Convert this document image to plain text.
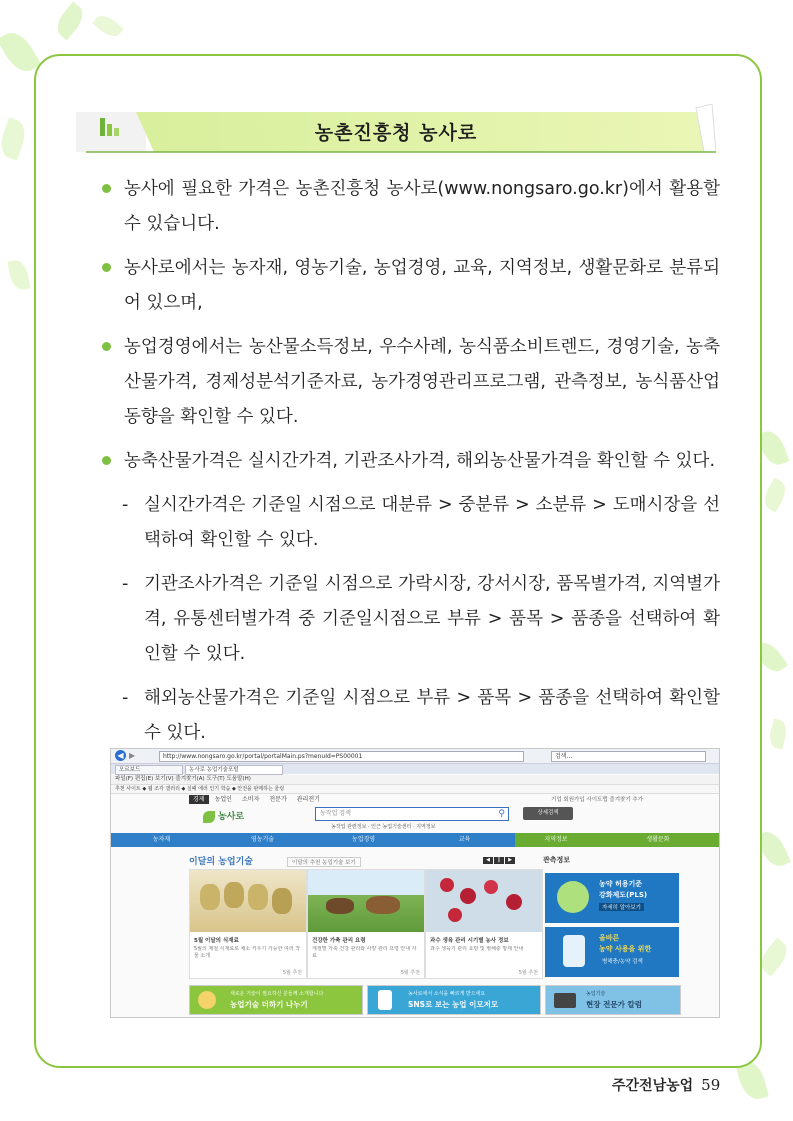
농촌진흥청 농사로
농사에 필요한 가격은 농촌진흥청 농사로(www.nongsaro.go.kr)에서 활용할 수 있습니다.
농사로에서는 농자재, 영농기술, 농업경영, 교육, 지역정보, 생활문화로 분류되어 있으며,
농업경영에서는 농산물소득정보, 우수사례, 농식품소비트렌드, 경영기술, 농축산물가격, 경제성분석기준자료, 농가경영관리프로그램, 관측정보, 농식품산업동향을 확인할 수 있다.
농축산물가격은 실시간가격, 기관조사가격, 해외농산물가격을 확인할 수 있다.
- 실시간가격은 기준일 시점으로 대분류 > 중분류 > 소분류 > 도매시장을 선택하여 확인할 수 있다.
- 기관조사가격은 기준일 시점으로 가락시장, 강서시장, 품목별가격, 지역별가격, 유통센터별가격 중 기준일시점으로 부류 > 품목 > 품종을 선택하여 확인할 수 있다.
- 해외농산물가격은 기준일 시점으로 부류 > 품목 > 품종을 선택하여 확인할 수 있다.
◀ ▶	http://www.nongsaro.go.kr/portal/portalMain.ps?menuId=PS00001	검색...
오르보드	농사로 농업기술포털
파일(F) 편집(E) 보기(V) 즐겨찾기(A) 도구(T) 도움말(H)
추천 사이트 ◆ 웹 조각 갤러리 ◆ 실패 에러 인기 학습 ◆ 안전을 판매하는 울렁
경제 농업인 소비자 전문가 관리전기	기업 회원가입 사이트맵 즐겨찾기 추가
농사로	농작업 검색	⚲	상세검색
농작업 관련정보 · 인근 농업기술센터 · 지역정보
농자재	영농기술	농업경영	교육	지역정보	생활문화
이달의 농업기술	이달의 추천 농업기술 보기	◀ ❙ ▶	관측정보
5월 이달의 식재료
5월의 제철 식재료로 채소 키우기 가능한 여러 작물 소개
5월 추천
건강한 가축 관리 요령
계절별 가축 건강 관리와 사양 관리 요령 안내 자료
5월 추천
과수 생육 관리 시기별 농사 정보
과수 생육기 관리 요령 및 병해충 방제 안내
5월 추천
농약 허용기준
강화제도(PLS)
자세히 알아보기
올바른
농약 사용을 위한
병해충/농약 검색
새로운 기술이 필요하신 분들께 소개합니다
농업기술 더하기 나누기
농사로에서 소식을 빠르게 받으세요
SNS로 보는 농업 이모저모
농업기술
현장 전문가 칼럼
주간전남농업 59
